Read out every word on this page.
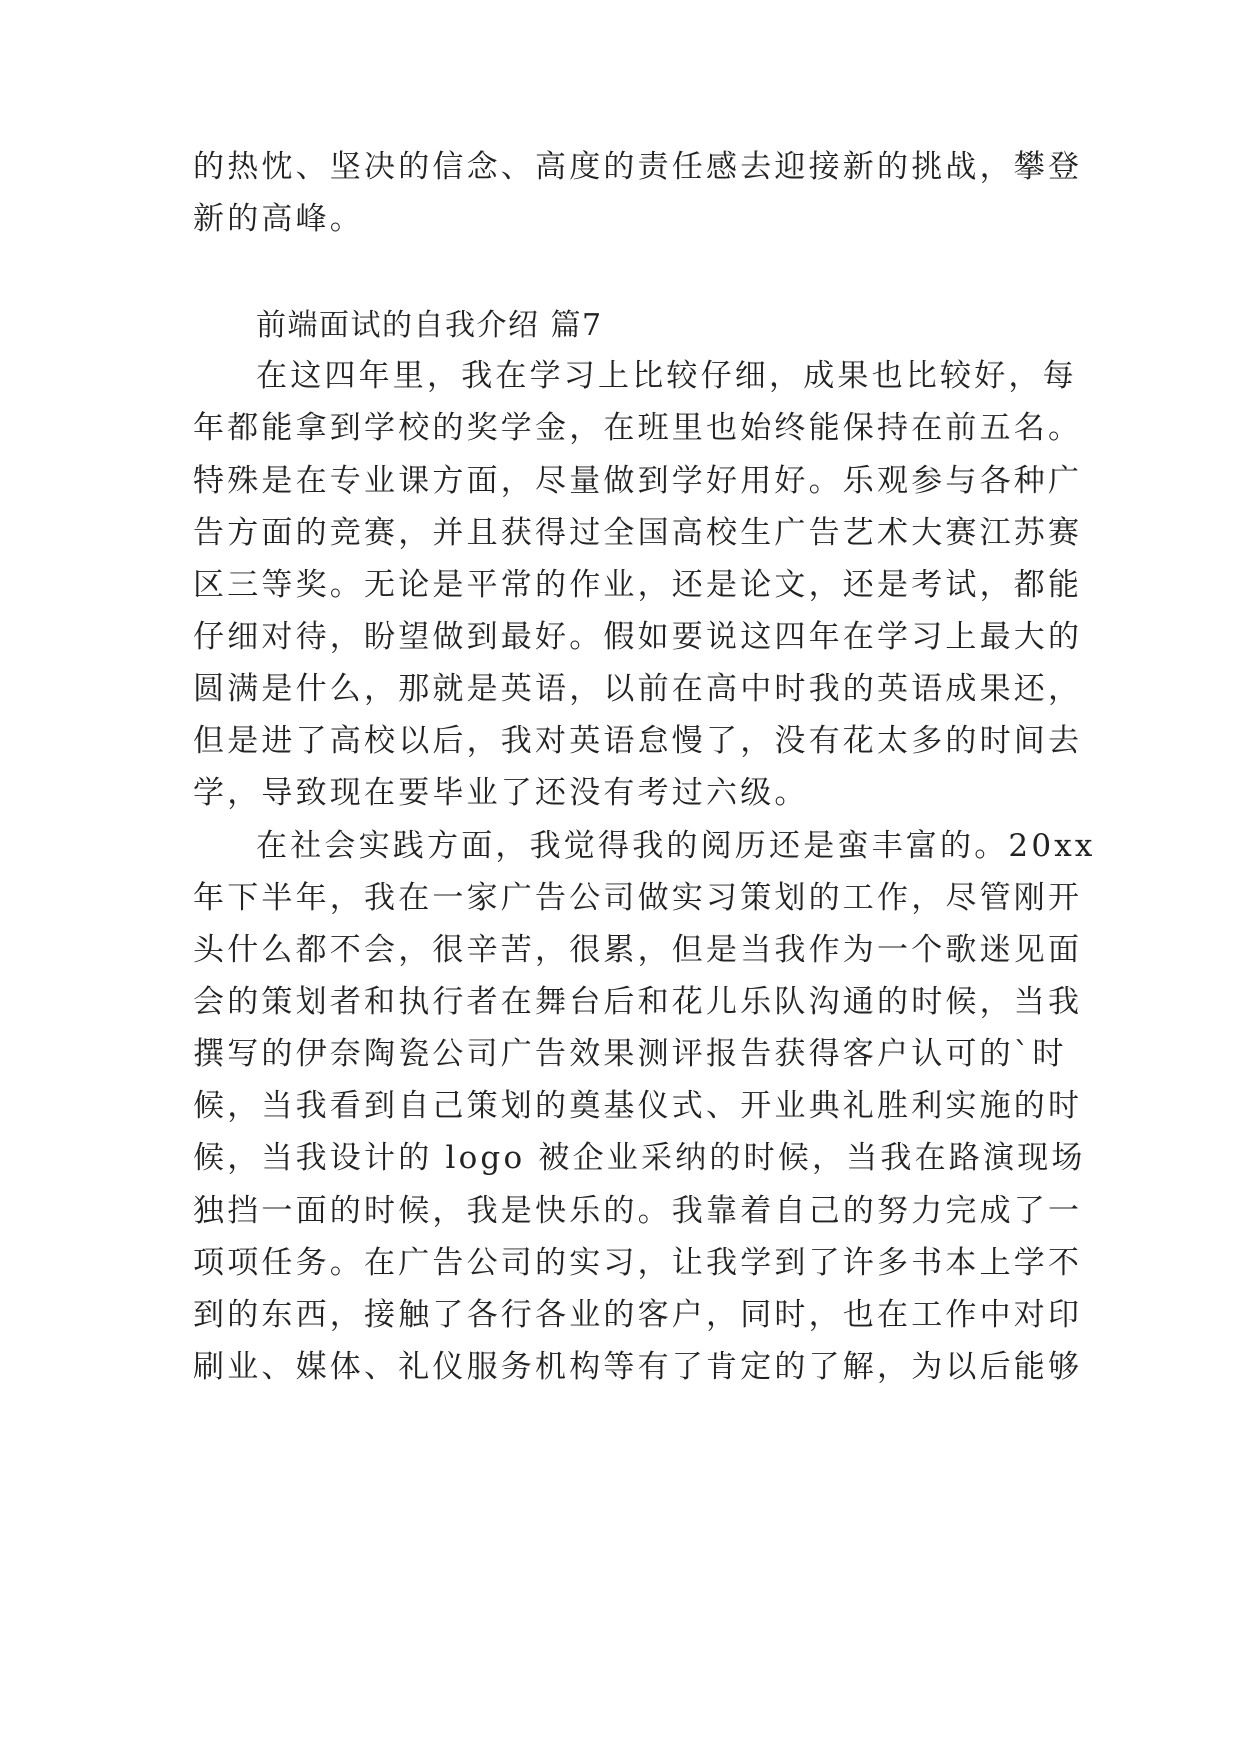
的热忱、坚决的信念、高度的责任感去迎接新的挑战，攀登
新的高峰。
前端面试的自我介绍 篇7
在这四年里，我在学习上比较仔细，成果也比较好，每
年都能拿到学校的奖学金，在班里也始终能保持在前五名。
特殊是在专业课方面，尽量做到学好用好。乐观参与各种广
告方面的竞赛，并且获得过全国高校生广告艺术大赛江苏赛
区三等奖。无论是平常的作业，还是论文，还是考试，都能
仔细对待，盼望做到最好。假如要说这四年在学习上最大的
圆满是什么，那就是英语，以前在高中时我的英语成果还，
但是进了高校以后，我对英语怠慢了，没有花太多的时间去
学，导致现在要毕业了还没有考过六级。
在社会实践方面，我觉得我的阅历还是蛮丰富的。20xx
年下半年，我在一家广告公司做实习策划的工作，尽管刚开
头什么都不会，很辛苦，很累，但是当我作为一个歌迷见面
会的策划者和执行者在舞台后和花儿乐队沟通的时候，当我
撰写的伊奈陶瓷公司广告效果测评报告获得客户认可的`时
候，当我看到自己策划的奠基仪式、开业典礼胜利实施的时
候，当我设计的 logo 被企业采纳的时候，当我在路演现场
独挡一面的时候，我是快乐的。我靠着自己的努力完成了一
项项任务。在广告公司的实习，让我学到了许多书本上学不
到的东西，接触了各行各业的客户，同时，也在工作中对印
刷业、媒体、礼仪服务机构等有了肯定的了解，为以后能够
